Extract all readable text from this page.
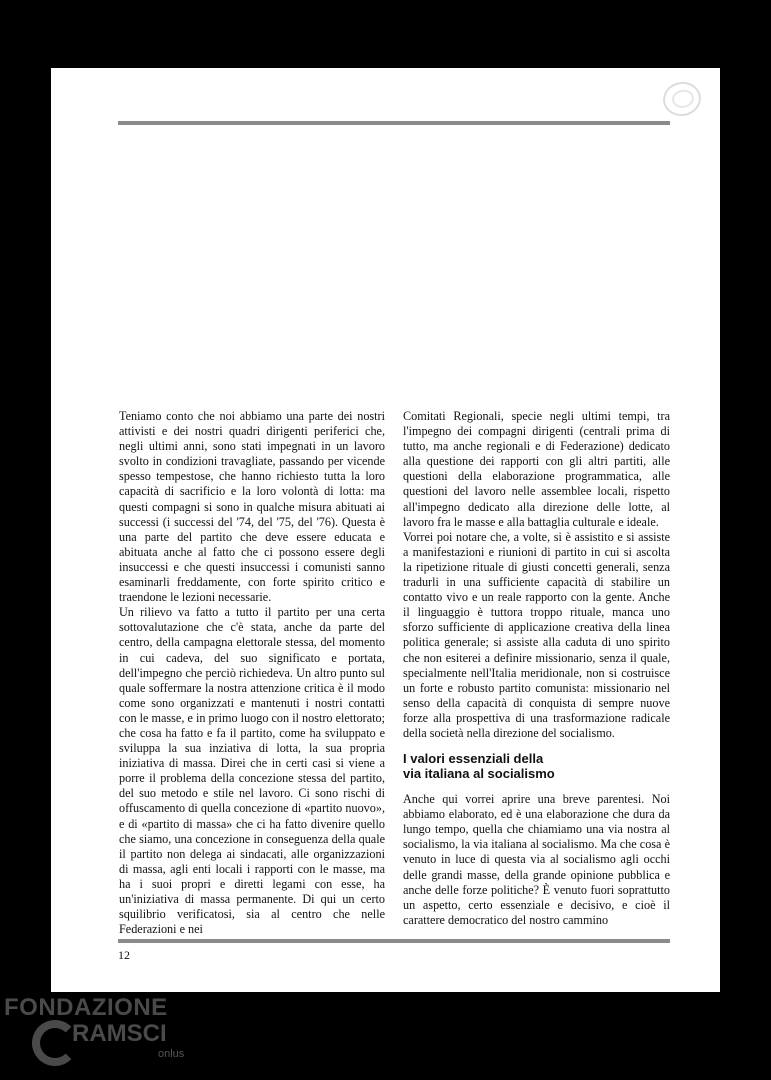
Teniamo conto che noi abbiamo una parte dei nostri attivisti e dei nostri quadri dirigenti periferici che, negli ultimi anni, sono stati impegnati in un lavoro svolto in condizioni travagliate, passando per vicende spesso tempestose, che hanno richiesto tutta la loro capacità di sacrificio e la loro volontà di lotta: ma questi compagni si sono in qualche misura abituati ai successi (i successi del '74, del '75, del '76). Questa è una parte del partito che deve essere educata e abituata anche al fatto che ci possono essere degli insuccessi e che questi insuccessi i comunisti sanno esaminarli freddamente, con forte spirito critico e traendone le lezioni necessarie.

Un rilievo va fatto a tutto il partito per una certa sottovalutazione che c'è stata, anche da parte del centro, della campagna elettorale stessa, del momento in cui cadeva, del suo significato e portata, dell'impegno che perciò richiedeva. Un altro punto sul quale soffermare la nostra attenzione critica è il modo come sono organizzati e mantenuti i nostri contatti con le masse, e in primo luogo con il nostro elettorato; che cosa ha fatto e fa il partito, come ha sviluppato e sviluppa la sua inziativa di lotta, la sua propria iniziativa di massa. Direi che in certi casi si viene a porre il problema della concezione stessa del partito, del suo metodo e stile nel lavoro. Ci sono rischi di offuscamento di quella concezione di «partito nuovo», e di «partito di massa» che ci ha fatto divenire quello che siamo, una concezione in conseguenza della quale il partito non delega ai sindacati, alle organizzazioni di massa, agli enti locali i rapporti con le masse, ma ha i suoi propri e diretti legami con esse, ha un'iniziativa di massa permanente. Di qui un certo squilibrio verificatosi, sia al centro che nelle Federazioni e nei

Comitati Regionali, specie negli ultimi tempi, tra l'impegno dei compagni dirigenti (centrali prima di tutto, ma anche regionali e di Federazione) dedicato alla questione dei rapporti con gli altri partiti, alle questioni della elaborazione programmatica, alle questioni del lavoro nelle assemblee locali, rispetto all'impegno dedicato alla direzione delle lotte, al lavoro fra le masse e alla battaglia culturale e ideale.

Vorrei poi notare che, a volte, si è assistito e si assiste a manifestazioni e riunioni di partito in cui si ascolta la ripetizione rituale di giusti concetti generali, senza tradurli in una sufficiente capacità di stabilire un contatto vivo e un reale rapporto con la gente. Anche il linguaggio è tuttora troppo rituale, manca uno sforzo sufficiente di applicazione creativa della linea politica generale; si assiste alla caduta di uno spirito che non esiterei a definire missionario, senza il quale, specialmente nell'Italia meridionale, non si costruisce un forte e robusto partito comunista: missionario nel senso della capacità di conquista di sempre nuove forze alla prospettiva di una trasformazione radicale della società nella direzione del socialismo.

I valori essenziali della
via italiana al socialismo

Anche qui vorrei aprire una breve parentesi. Noi abbiamo elaborato, ed è una elaborazione che dura da lungo tempo, quella che chiamiamo una via nostra al socialismo, la via italiana al socialismo. Ma che cosa è venuto in luce di questa via al socialismo agli occhi delle grandi masse, della grande opinione pubblica e anche delle forze politiche? È venuto fuori soprattutto un aspetto, certo essenziale e decisivo, e cioè il carattere democratico del nostro cammino

12
FONDAZIONE
RAMSCI
onlus
